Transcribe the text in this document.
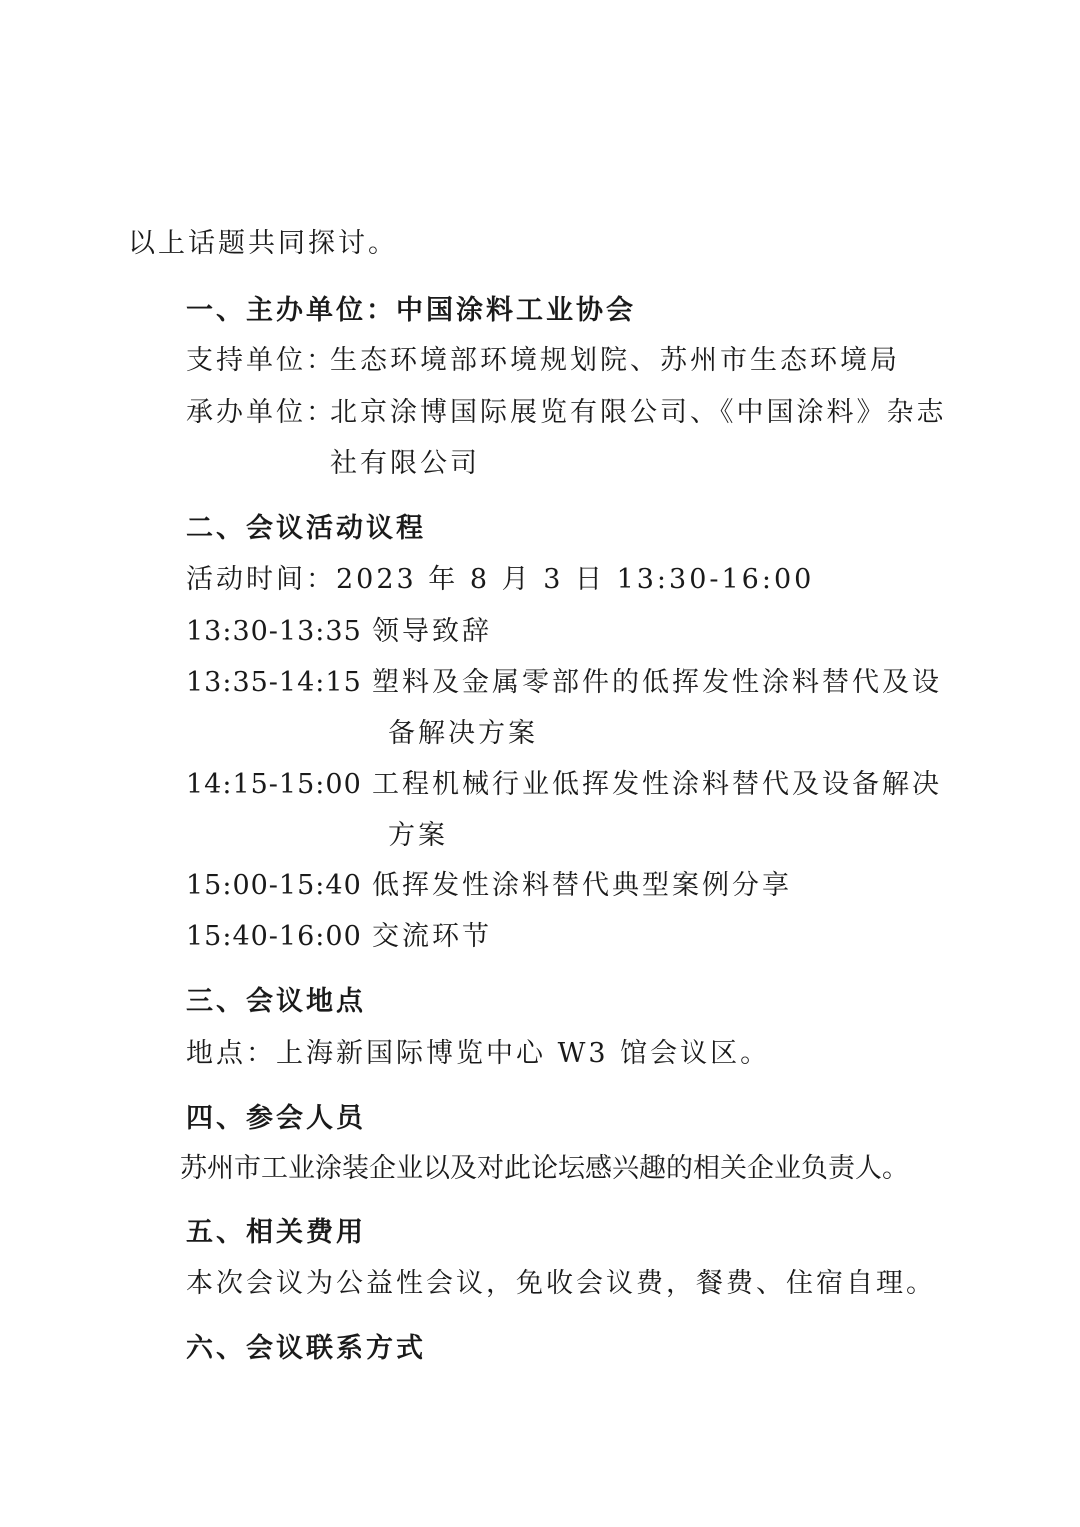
以上话题共同探讨。
一、主办单位：中国涂料工业协会
支持单位：
生态环境部环境规划院、苏州市生态环境局
承办单位：
北京涂博国际展览有限公司、《中国涂料》杂志
社有限公司
二、会议活动议程
活动时间：2023 年 8 月 3 日 13:30-16:00
13:30-13:35 领导致辞
13:35-14:15 塑料及金属零部件的低挥发性涂料替代及设
备解决方案
14:15-15:00 工程机械行业低挥发性涂料替代及设备解决
方案
15:00-15:40 低挥发性涂料替代典型案例分享
15:40-16:00 交流环节
三、会议地点
地点：上海新国际博览中心 W3 馆会议区。
四、参会人员
苏州市工业涂装企业以及对此论坛感兴趣的相关企业负责人。
五、相关费用
本次会议为公益性会议，免收会议费，餐费、住宿自理。
六、会议联系方式
